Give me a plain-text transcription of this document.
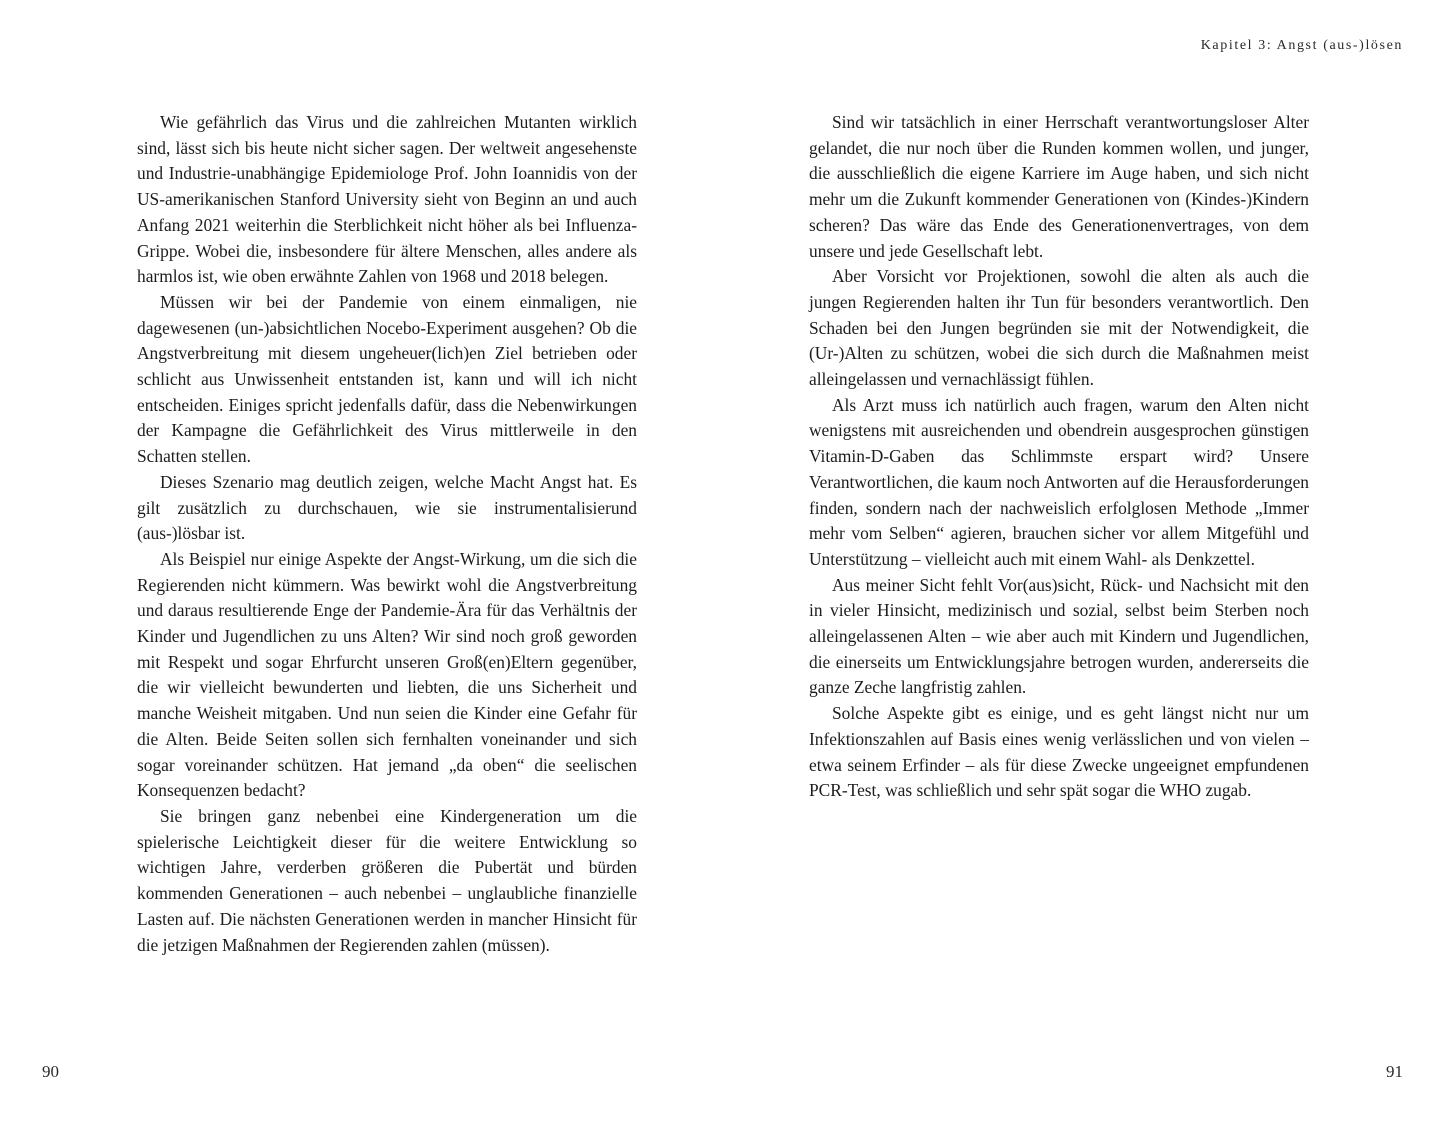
Kapitel 3: Angst (aus-)lösen

Wie gefährlich das Virus und die zahlreichen Mutanten wirklich sind, lässt sich bis heute nicht sicher sagen. Der weltweit angesehenste und Industrie-unabhängige Epidemiologe Prof. John Ioannidis von der US-amerikanischen Stanford University sieht von Beginn an und auch Anfang 2021 weiterhin die Sterblichkeit nicht höher als bei Influenza-Grippe. Wobei die, insbesondere für ältere Menschen, alles andere als harmlos ist, wie oben erwähnte Zahlen von 1968 und 2018 belegen.

Müssen wir bei der Pandemie von einem einmaligen, nie dagewesenen (un-)absichtlichen Nocebo-Experiment ausgehen? Ob die Angstverbreitung mit diesem ungeheuer(lich)en Ziel betrieben oder schlicht aus Unwissenheit entstanden ist, kann und will ich nicht entscheiden. Einiges spricht jedenfalls dafür, dass die Nebenwirkungen der Kampagne die Gefährlichkeit des Virus mittlerweile in den Schatten stellen.

Dieses Szenario mag deutlich zeigen, welche Macht Angst hat. Es gilt zusätzlich zu durchschauen, wie sie instrumentalisierund (aus-)lösbar ist.

Als Beispiel nur einige Aspekte der Angst-Wirkung, um die sich die Regierenden nicht kümmern. Was bewirkt wohl die Angstverbreitung und daraus resultierende Enge der Pandemie-Ära für das Verhältnis der Kinder und Jugendlichen zu uns Alten? Wir sind noch groß geworden mit Respekt und sogar Ehrfurcht unseren Groß(en)Eltern gegenüber, die wir vielleicht bewunderten und liebten, die uns Sicherheit und manche Weisheit mitgaben. Und nun seien die Kinder eine Gefahr für die Alten. Beide Seiten sollen sich fernhalten voneinander und sich sogar voreinander schützen. Hat jemand „da oben“ die seelischen Konsequenzen bedacht?

Sie bringen ganz nebenbei eine Kindergeneration um die spielerische Leichtigkeit dieser für die weitere Entwicklung so wichtigen Jahre, verderben größeren die Pubertät und bürden kommenden Generationen – auch nebenbei – unglaubliche finanzielle Lasten auf. Die nächsten Generationen werden in mancher Hinsicht für die jetzigen Maßnahmen der Regierenden zahlen (müssen).

Sind wir tatsächlich in einer Herrschaft verantwortungsloser Alter gelandet, die nur noch über die Runden kommen wollen, und junger, die ausschließlich die eigene Karriere im Auge haben, und sich nicht mehr um die Zukunft kommender Generationen von (Kindes-)Kindern scheren? Das wäre das Ende des Generationenvertrages, von dem unsere und jede Gesellschaft lebt.

Aber Vorsicht vor Projektionen, sowohl die alten als auch die jungen Regierenden halten ihr Tun für besonders verantwortlich. Den Schaden bei den Jungen begründen sie mit der Notwendigkeit, die (Ur-)Alten zu schützen, wobei die sich durch die Maßnahmen meist alleingelassen und vernachlässigt fühlen.

Als Arzt muss ich natürlich auch fragen, warum den Alten nicht wenigstens mit ausreichenden und obendrein ausgesprochen günstigen Vitamin-D-Gaben das Schlimmste erspart wird? Unsere Verantwortlichen, die kaum noch Antworten auf die Herausforderungen finden, sondern nach der nachweislich erfolglosen Methode „Immer mehr vom Selben“ agieren, brauchen sicher vor allem Mitgefühl und Unterstützung – vielleicht auch mit einem Wahl- als Denkzettel.

Aus meiner Sicht fehlt Vor(aus)sicht, Rück- und Nachsicht mit den in vieler Hinsicht, medizinisch und sozial, selbst beim Sterben noch alleingelassenen Alten – wie aber auch mit Kindern und Jugendlichen, die einerseits um Entwicklungsjahre betrogen wurden, andererseits die ganze Zeche langfristig zahlen.

Solche Aspekte gibt es einige, und es geht längst nicht nur um Infektionszahlen auf Basis eines wenig verlässlichen und von vielen – etwa seinem Erfinder – als für diese Zwecke ungeeignet empfundenen PCR-Test, was schließlich und sehr spät sogar die WHO zugab.

90	91
